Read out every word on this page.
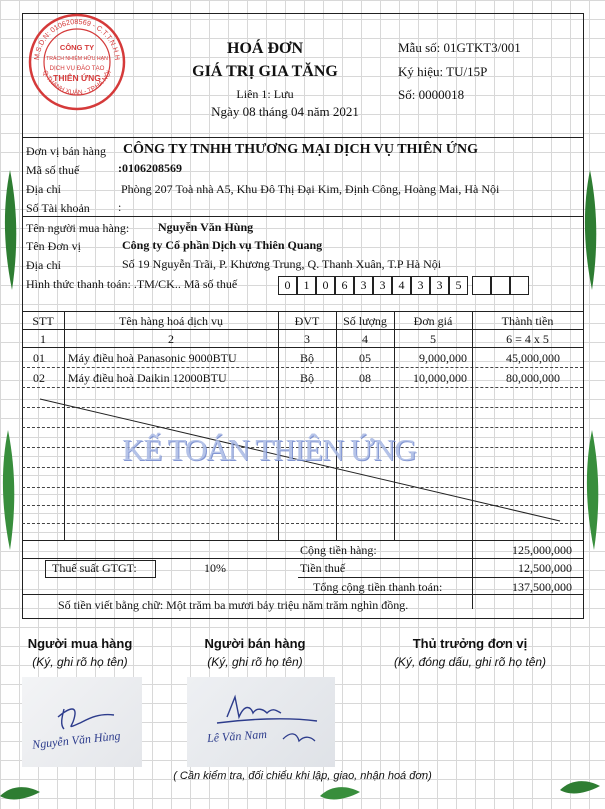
M.S.D.N: 0106208569 - C.T.T.N.H.H
Q.THANH XUÂN - TP.HÀ NỘI
CÔNG TY
TRÁCH NHIỆM HỮU HẠN
DỊCH VỤ ĐÀO TẠO
THIÊN ỨNG
HOÁ ĐƠN
GIÁ TRỊ GIA TĂNG
Liên 1: Lưu
Ngày 08 tháng 04 năm 2021
Mẫu số: 01GTKT3/001
Ký hiệu: TU/15P
Số: 0000018
Đơn vị bán hàng CÔNG TY TNHH THƯƠNG MẠI DỊCH VỤ THIÊN ỨNG
Mã số thuế	:0106208569
Địa chỉ	Phòng 207 Toà nhà A5, Khu Đô Thị Đại Kim, Định Công, Hoàng Mai, Hà Nội
Số Tài khoản :
Tên người mua hàng: Nguyễn Văn Hùng
Tên Đơn vị	Công ty Cổ phần Dịch vụ Thiên Quang
Địa chỉ	Số 19 Nguyễn Trãi, P. Khương Trung, Q. Thanh Xuân, T.P Hà Nội
Hình thức thanh toán: .TM/CK.. Mã số thuế	0	1	0	6	3	3	4	3	3	5
STT	Tên hàng hoá dịch vụ	ĐVT	Số lượng	Đơn giá	Thành tiền
1	2	3	4	5	6 = 4 x 5
01 Máy điều hoà Panasonic 9000BTU	Bộ	05	9,000,000	45,000,000
02 Máy điều hoà Daikin 12000BTU	Bộ	08	10,000,000	80,000,000
KẾ TOÁN THIÊN ỨNG
Cộng tiền hàng:	125,000,000
Thuế suất GTGT:	10%	Tiền thuế	12,500,000
Tổng cộng tiền thanh toán:	137,500,000
Số tiền viết bằng chữ: Một trăm ba mươi bảy triệu năm trăm nghìn đồng.
Người mua hàng
(Ký, ghi rõ họ tên)
Người bán hàng
(Ký, ghi rõ họ tên)
Thủ trưởng đơn vị
(Ký, đóng dấu, ghi rõ họ tên)
Nguyễn Văn Hùng	Lê Văn Nam
( Cần kiểm tra, đối chiếu khi lập, giao, nhận hoá đơn)
